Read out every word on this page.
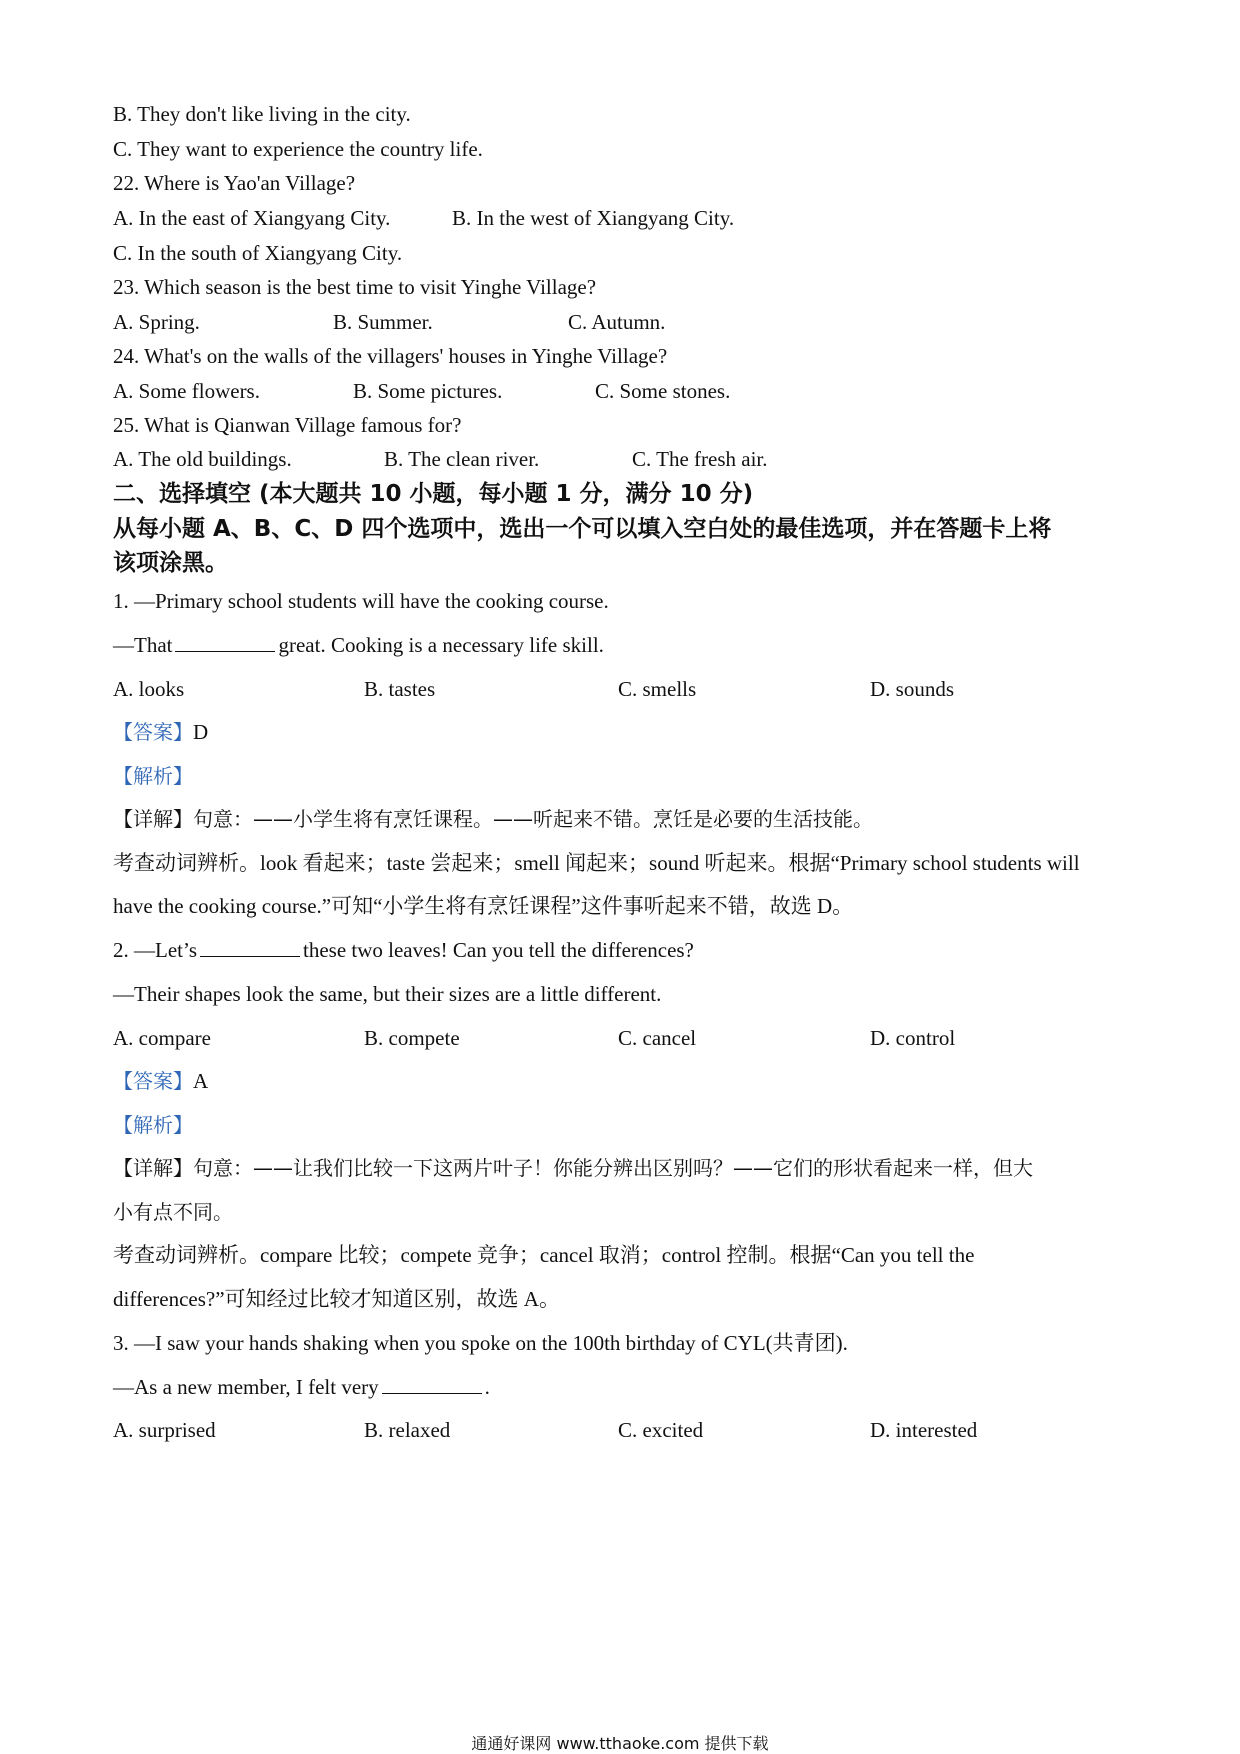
B. They don't like living in the city.
C. They want to experience the country life.
22. Where is Yao'an Village?
A. In the east of Xiangyang City.	B. In the west of Xiangyang City.
C. In the south of Xiangyang City.
23. Which season is the best time to visit Yinghe Village?
A. Spring.	B. Summer.	C. Autumn.
24. What's on the walls of the villagers' houses in Yinghe Village?
A. Some flowers.	B. Some pictures.	C. Some stones.
25. What is Qianwan Village famous for?
A. The old buildings.	B. The clean river.	C. The fresh air.
二、选择填空 (本大题共 10 小题，每小题 1 分，满分 10 分)
从每小题 A、B、C、D 四个选项中，选出一个可以填入空白处的最佳选项，并在答题卡上将
该项涂黑。
1. —Primary school students will have the cooking course.
—That	great. Cooking is a necessary life skill.
A. looks	B. tastes	C. smells	D. sounds
【答案】D
【解析】
【详解】句意：——小学生将有烹饪课程。——听起来不错。烹饪是必要的生活技能。
考查动词辨析。look 看起来；taste 尝起来；smell 闻起来；sound 听起来。根据“Primary school students will
have the cooking course.”可知“小学生将有烹饪课程”这件事听起来不错，故选 D。
2. —Let’s	these two leaves! Can you tell the differences?
—Their shapes look the same, but their sizes are a little different.
A. compare	B. compete	C. cancel	D. control
【答案】A
【解析】
【详解】句意：——让我们比较一下这两片叶子！你能分辨出区别吗？——它们的形状看起来一样，但大
小有点不同。
考查动词辨析。compare 比较；compete 竞争；cancel 取消；control 控制。根据“Can you tell the
differences?”可知经过比较才知道区别，故选 A。
3. —I saw your hands shaking when you spoke on the 100th birthday of CYL(共青团).
—As a new member, I felt very	.
A. surprised	B. relaxed	C. excited	D. interested
通通好课网 www.tthaoke.com 提供下载
